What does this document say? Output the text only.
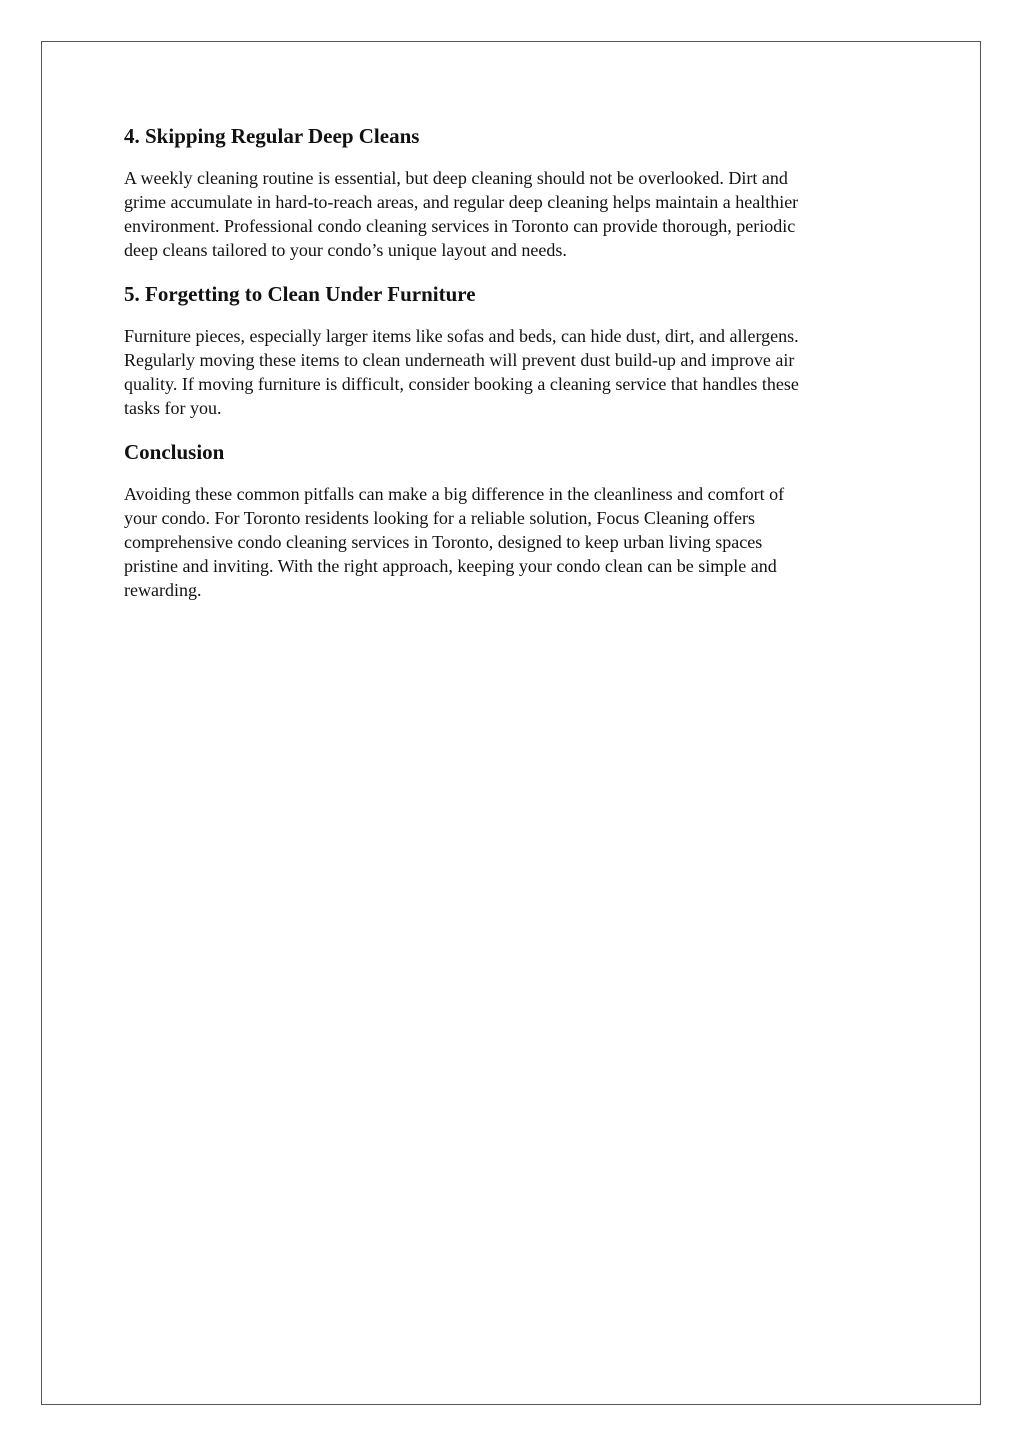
4. Skipping Regular Deep Cleans
A weekly cleaning routine is essential, but deep cleaning should not be overlooked. Dirt and
grime accumulate in hard-to-reach areas, and regular deep cleaning helps maintain a healthier
environment. Professional condo cleaning services in Toronto can provide thorough, periodic
deep cleans tailored to your condo’s unique layout and needs.
5. Forgetting to Clean Under Furniture
Furniture pieces, especially larger items like sofas and beds, can hide dust, dirt, and allergens.
Regularly moving these items to clean underneath will prevent dust build-up and improve air
quality. If moving furniture is difficult, consider booking a cleaning service that handles these
tasks for you.
Conclusion
Avoiding these common pitfalls can make a big difference in the cleanliness and comfort of
your condo. For Toronto residents looking for a reliable solution, Focus Cleaning offers
comprehensive condo cleaning services in Toronto, designed to keep urban living spaces
pristine and inviting. With the right approach, keeping your condo clean can be simple and
rewarding.
